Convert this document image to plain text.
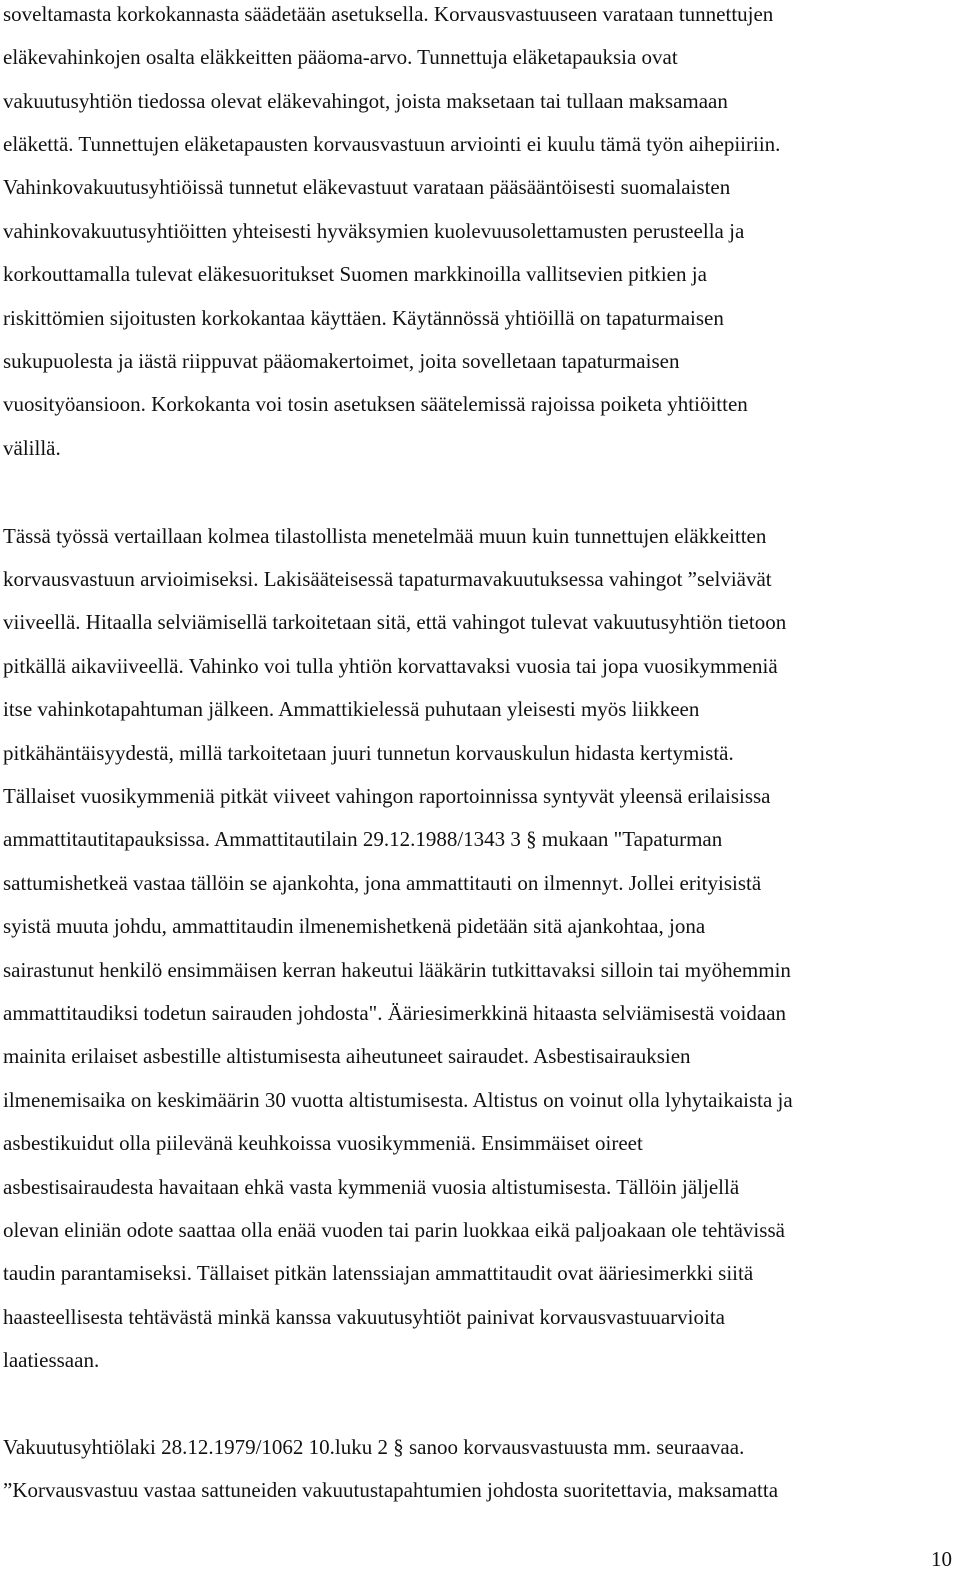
soveltamasta korkokannasta säädetään asetuksella. Korvausvastuuseen varataan tunnettujen
eläkevahinkojen osalta eläkkeitten pääoma-arvo. Tunnettuja eläketapauksia ovat
vakuutusyhtiön tiedossa olevat eläkevahingot, joista maksetaan tai tullaan maksamaan
eläkettä. Tunnettujen eläketapausten korvausvastuun arviointi ei kuulu tämä työn aihepiiriin.
Vahinkovakuutusyhtiöissä tunnetut eläkevastuut varataan pääsääntöisesti suomalaisten
vahinkovakuutusyhtiöitten yhteisesti hyväksymien kuolevuusolettamusten perusteella ja
korkouttamalla tulevat eläkesuoritukset Suomen markkinoilla vallitsevien pitkien ja
riskittömien sijoitusten korkokantaa käyttäen. Käytännössä yhtiöillä on tapaturmaisen
sukupuolesta ja iästä riippuvat pääomakertoimet, joita sovelletaan tapaturmaisen
vuosityöansioon. Korkokanta voi tosin asetuksen säätelemissä rajoissa poiketa yhtiöitten
välillä.
Tässä työssä vertaillaan kolmea tilastollista menetelmää muun kuin tunnettujen eläkkeitten
korvausvastuun arvioimiseksi. Lakisääteisessä tapaturmavakuutuksessa vahingot ”selviävät
viiveellä. Hitaalla selviämisellä tarkoitetaan sitä, että vahingot tulevat vakuutusyhtiön tietoon
pitkällä aikaviiveellä. Vahinko voi tulla yhtiön korvattavaksi vuosia tai jopa vuosikymmeniä
itse vahinkotapahtuman jälkeen. Ammattikielessä puhutaan yleisesti myös liikkeen
pitkähäntäisyydestä, millä tarkoitetaan juuri tunnetun korvauskulun hidasta kertymistä.
Tällaiset vuosikymmeniä pitkät viiveet vahingon raportoinnissa syntyvät yleensä erilaisissa
ammattitautitapauksissa. Ammattitautilain 29.12.1988/1343 3 § mukaan "Tapaturman
sattumishetkeä vastaa tällöin se ajankohta, jona ammattitauti on ilmennyt. Jollei erityisistä
syistä muuta johdu, ammattitaudin ilmenemishetkenä pidetään sitä ajankohtaa, jona
sairastunut henkilö ensimmäisen kerran hakeutui lääkärin tutkittavaksi silloin tai myöhemmin
ammattitaudiksi todetun sairauden johdosta". Ääriesimerkkinä hitaasta selviämisestä voidaan
mainita erilaiset asbestille altistumisesta aiheutuneet sairaudet. Asbestisairauksien
ilmenemisaika on keskimäärin 30 vuotta altistumisesta. Altistus on voinut olla lyhytaikaista ja
asbestikuidut olla piilevänä keuhkoissa vuosikymmeniä. Ensimmäiset oireet
asbestisairaudesta havaitaan ehkä vasta kymmeniä vuosia altistumisesta. Tällöin jäljellä
olevan eliniän odote saattaa olla enää vuoden tai parin luokkaa eikä paljoakaan ole tehtävissä
taudin parantamiseksi. Tällaiset pitkän latenssiajan ammattitaudit ovat ääriesimerkki siitä
haasteellisesta tehtävästä minkä kanssa vakuutusyhtiöt painivat korvausvastuuarvioita
laatiessaan.
Vakuutusyhtiölaki 28.12.1979/1062 10.luku 2 § sanoo korvausvastuusta mm. seuraavaa.
”Korvausvastuu vastaa sattuneiden vakuutustapahtumien johdosta suoritettavia, maksamatta
10
